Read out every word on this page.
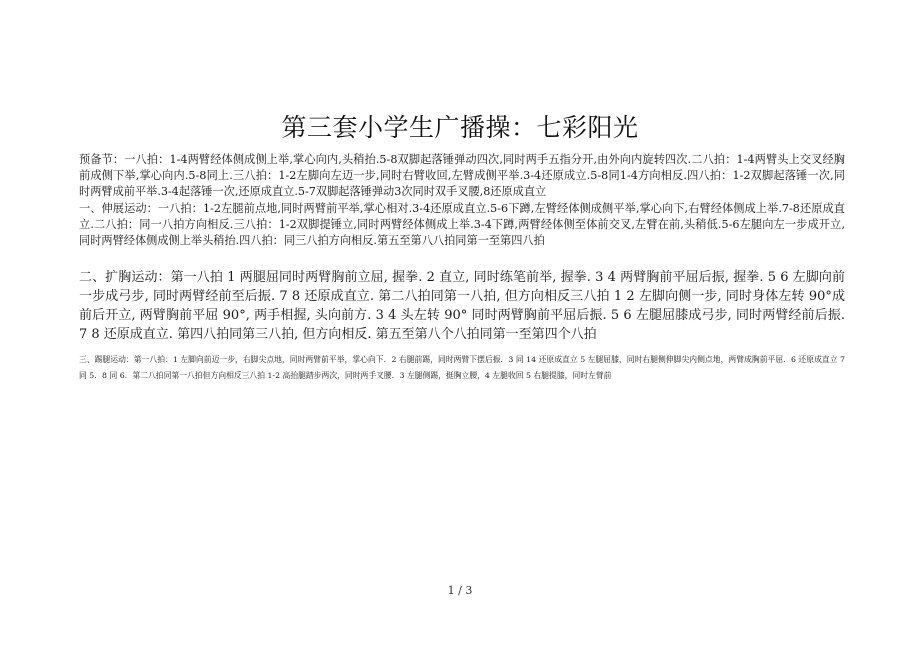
第三套小学生广播操：七彩阳光

预备节：一八拍：1-4两臂经体侧成侧上举,掌心向内,头稍抬.5-8双脚起落锤弹动四次,同时两手五指分开,由外向内旋转四次.二八拍：1-4两臂头上交叉经胸前成侧下举,掌心向内.5-8同上.三八拍：1-2左脚向左迈一步,同时右臂收回,左臂成侧平举.3-4还原成立.5-8同1-4方向相反.四八拍：1-2双脚起落锤一次,同时两臂成前平举.3-4起落锤一次,还原成直立.5-7双脚起落锤弹动3次同时双手叉腰,8还原成直立

一、伸展运动：一八拍：1-2左腿前点地,同时两臂前平举,掌心相对.3-4还原成直立.5-6下蹲,左臂经体侧成侧平举,掌心向下,右臂经体侧成上举.7-8还原成直立.二八拍：同一八拍方向相反.三八拍：1-2双脚提锤立,同时两臂经体侧成上举.3-4下蹲,两臂经体侧至体前交叉,左臂在前,头稍低.5-6左腿向左一步成开立,同时两臂经体侧成侧上举头稍抬.四八拍：同三八拍方向相反.第五至第八八拍同第一至第四八拍

二、扩胸运动：第一八拍 1 两腿屈同时两臂胸前立屈, 握拳. 2 直立, 同时练笔前举, 握拳. 3 4 两臂胸前平屈后振, 握拳. 5 6 左脚向前一步成弓步, 同时两臂经前至后振. 7 8 还原成直立. 第二八拍同第一八拍, 但方向相反三八拍 1 2 左脚向侧一步, 同时身体左转 90°成前后开立, 两臂胸前平屈 90°, 两手相握, 头向前方. 3 4 头左转 90° 同时两臂胸前平屈后振. 5 6 左腿屈膝成弓步, 同时两臂经前后振. 7 8 还原成直立. 第四八拍同第三八拍, 但方向相反. 第五至第八个八拍同第一至第四个八拍

三、踢腿运动：第一八拍：1 左脚向前迈一步，右脚尖点地，同时两臂前平举，掌心向下．2 右腿前踢，同时两臂下摆后振．3 同 14 还原成直立 5 左腿屈膝，同时右腿侧伸脚尖内侧点地，两臂成胸前平屈．6 还原成直立 7 同 5．8 同 6．第二八拍同第一八拍但方向相反三八拍 1-2 高抬腿踏步两次，同时两手叉腰．3 左腿侧踢，挺胸立腰，4 左腿收回 5 右腿提膝，同时左臂前

1 / 3
